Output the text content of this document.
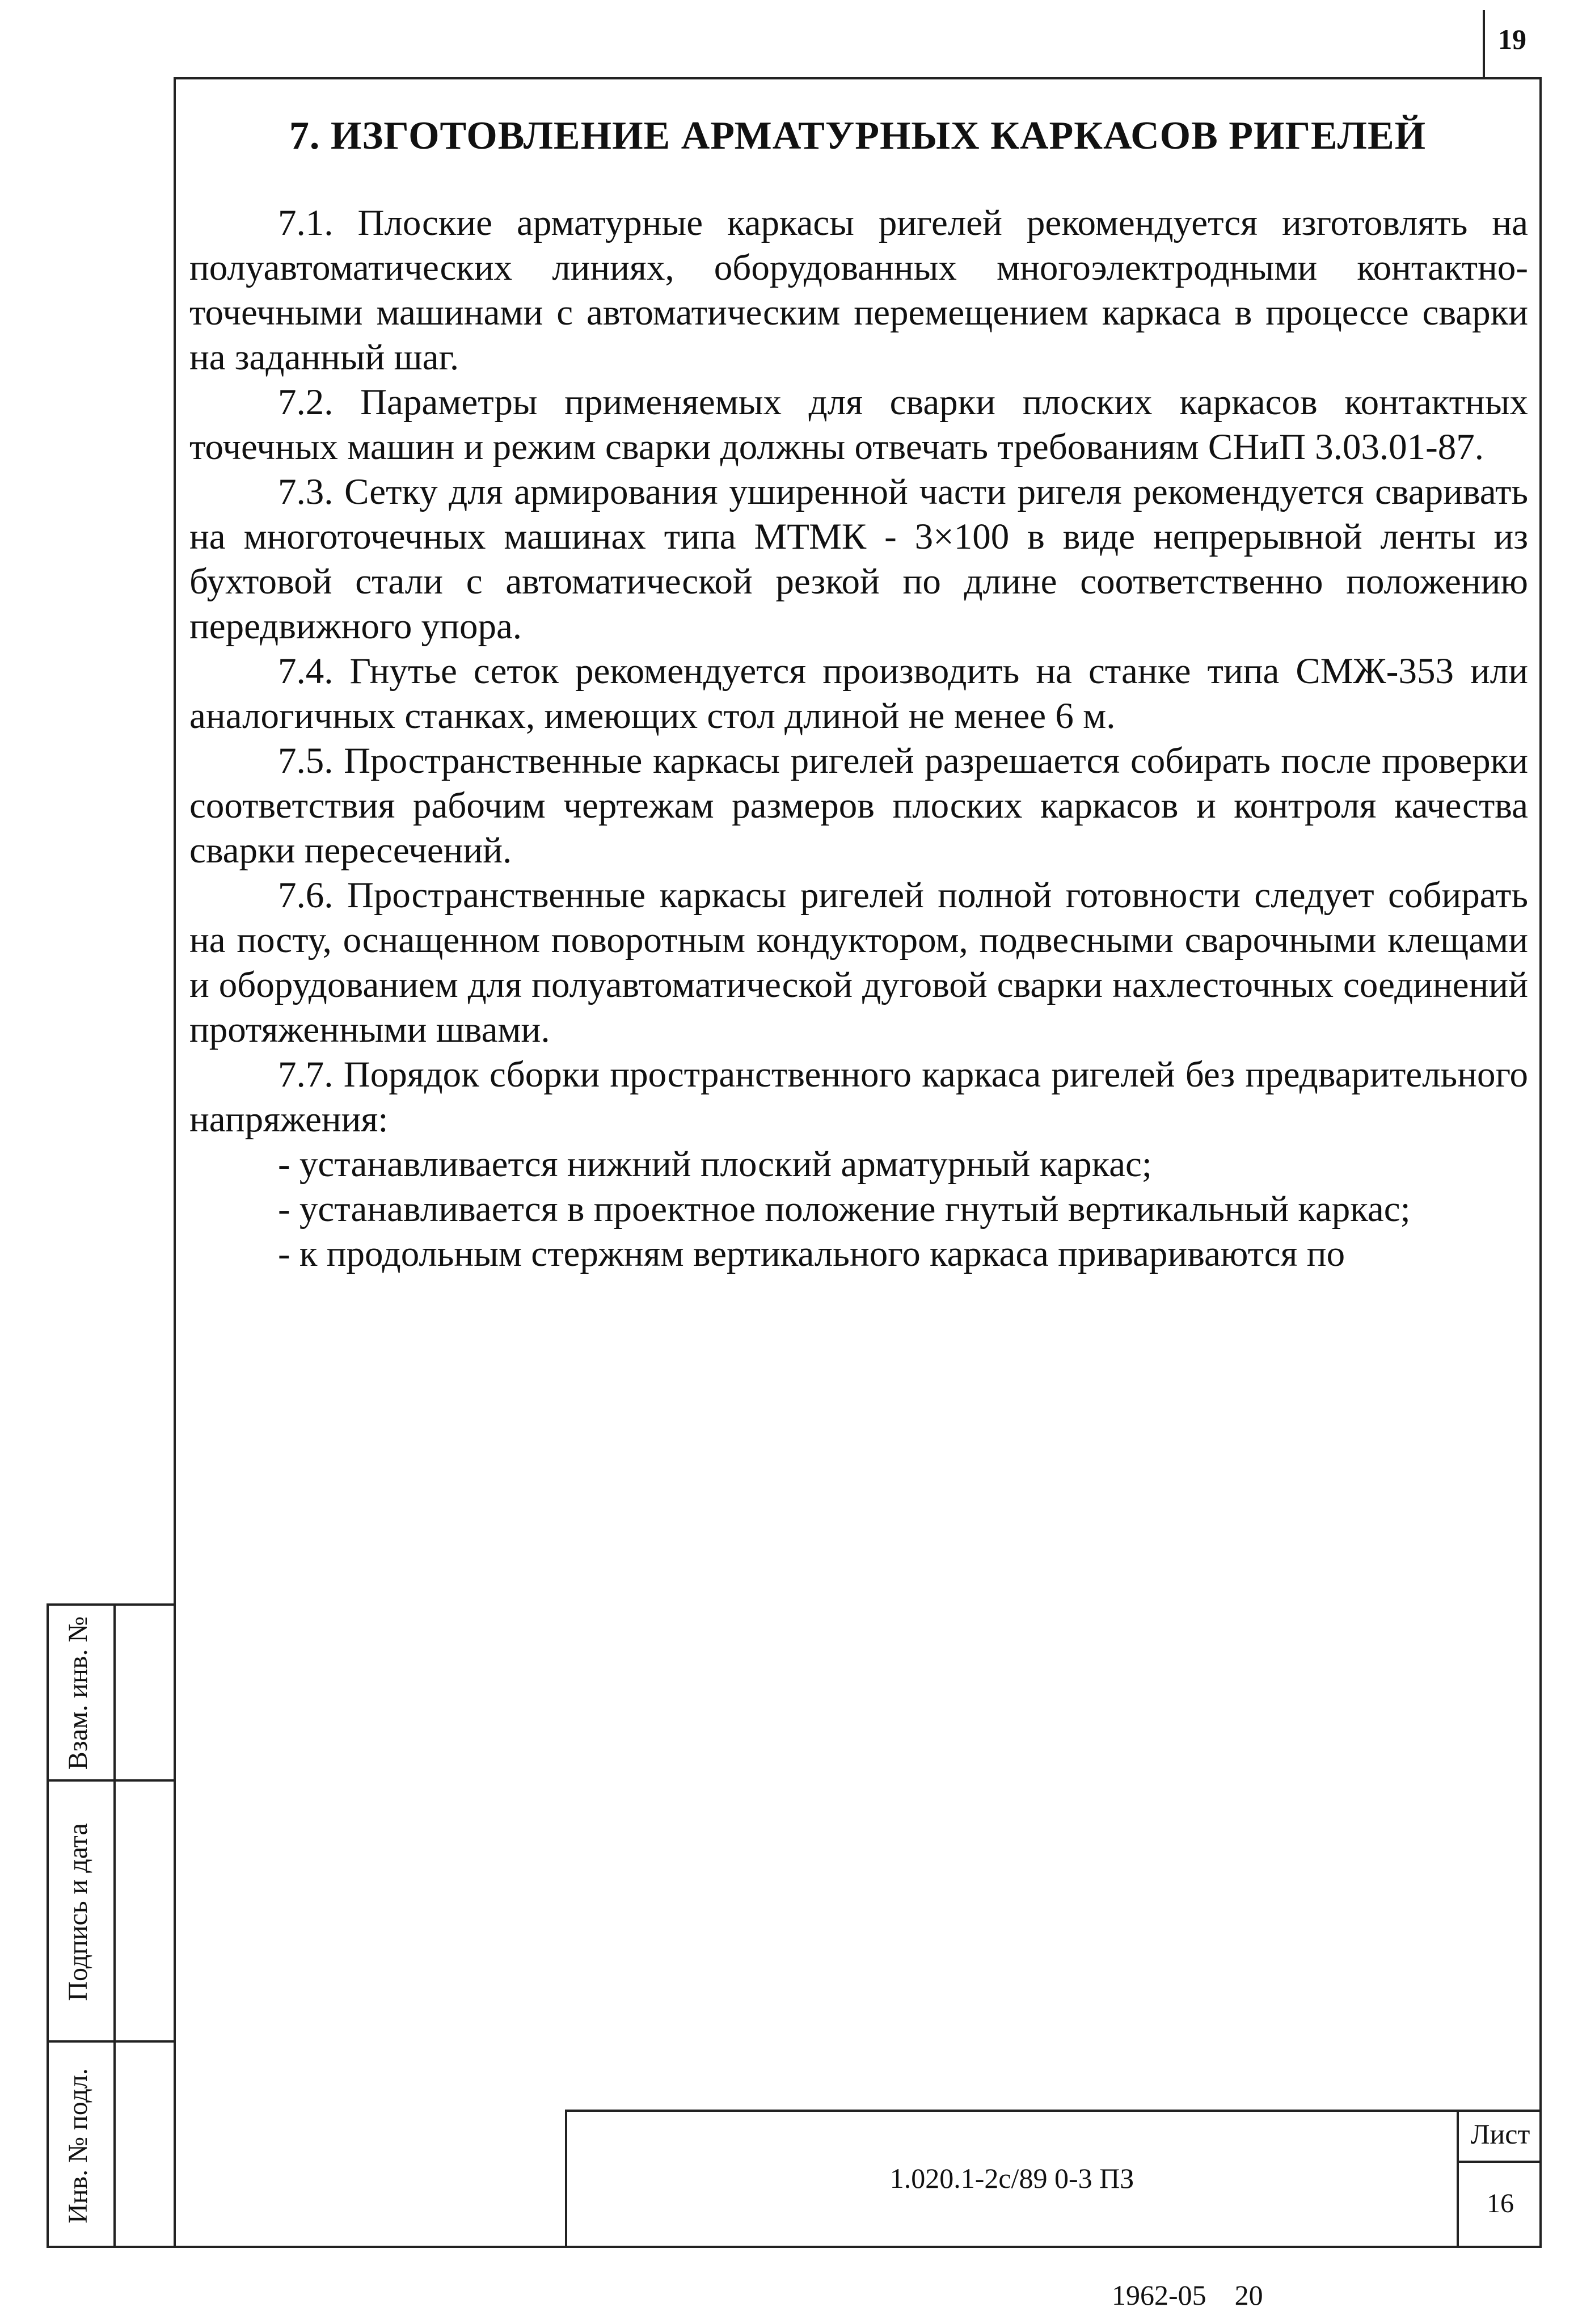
19
7. ИЗГОТОВЛЕНИЕ АРМАТУРНЫХ КАРКАСОВ РИГЕЛЕЙ

7.1. Плоские арматурные каркасы ригелей рекомендуется изготовлять на полуавтоматических линиях, оборудованных многоэлектродными контактно-точечными машинами с автоматическим перемещением каркаса в процессе сварки на заданный шаг.

7.2. Параметры применяемых для сварки плоских каркасов контактных точечных машин и режим сварки должны отвечать требованиям СНиП 3.03.01-87.

7.3. Сетку для армирования уширенной части ригеля рекомендуется сваривать на многоточечных машинах типа МТМК - 3×100 в виде непрерывной ленты из бухтовой стали с автоматической резкой по длине соответственно положению передвижного упора.

7.4. Гнутье сеток рекомендуется производить на станке типа СМЖ-353 или аналогичных станках, имеющих стол длиной не менее 6 м.

7.5. Пространственные каркасы ригелей разрешается собирать после проверки соответствия рабочим чертежам размеров плоских каркасов и контроля качества сварки пересечений.

7.6. Пространственные каркасы ригелей полной готовности следует собирать на посту, оснащенном поворотным кондуктором, подвесными сварочными клещами и оборудованием для полуавтоматической дуговой сварки нахлесточных соединений протяженными швами.

7.7. Порядок сборки пространственного каркаса ригелей без предварительного напряжения:

- устанавливается нижний плоский арматурный каркас;

- устанавливается в проектное положение гнутый вертикальный каркас;

- к продольным стержням вертикального каркаса привариваются по

Взам. инв. №
Подпись и дата
Инв. № подл.	1.020.1-2с/89 0-3 ПЗ
Лист
16
1962-05    20
